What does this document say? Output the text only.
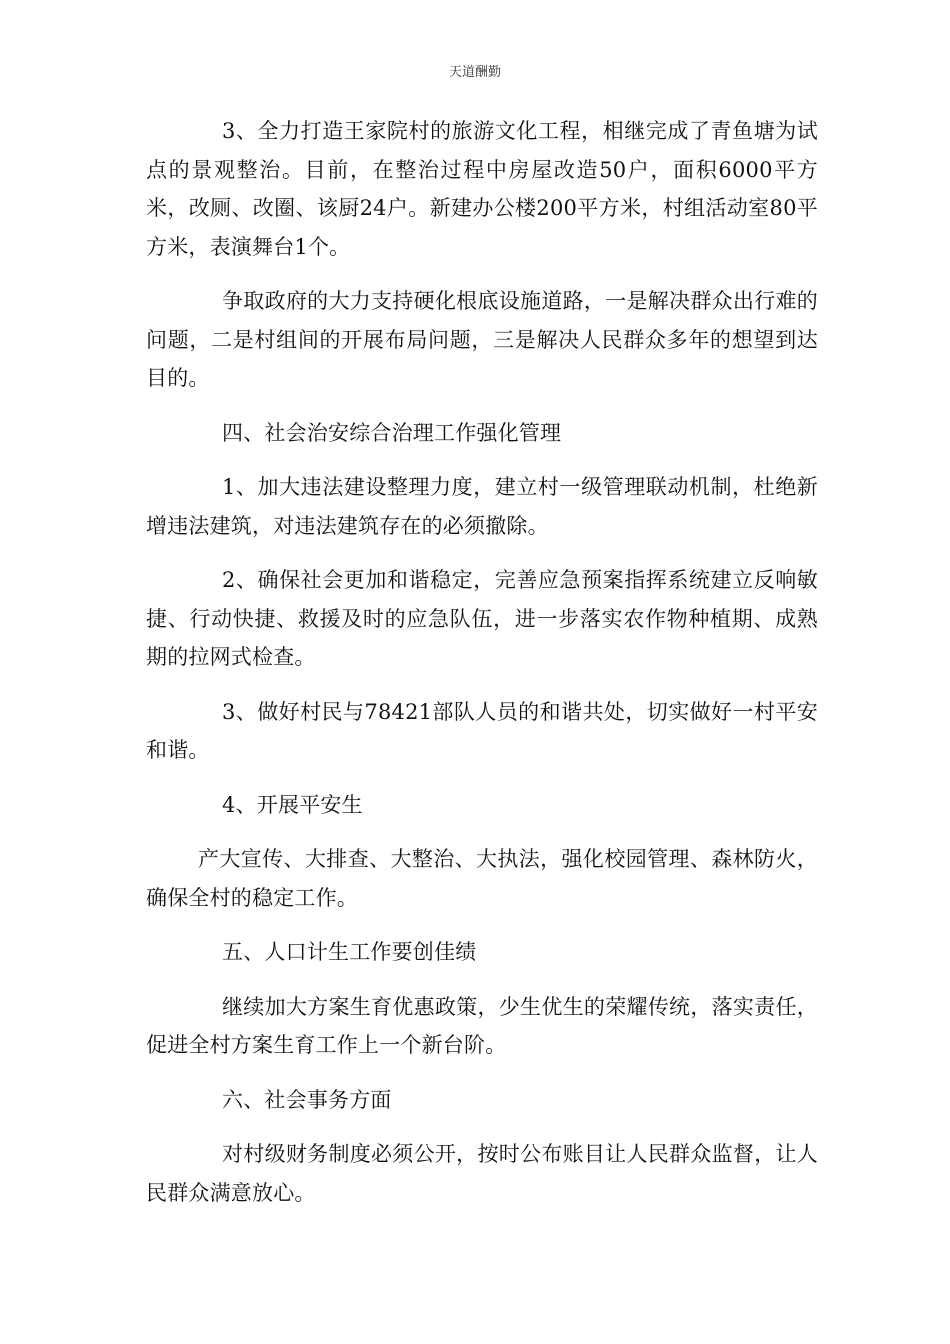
天道酬勤

3、全力打造王家院村的旅游文化工程，相继完成了青鱼塘为试点的景观整治。目前，在整治过程中房屋改造50户，面积6000平方米，改厕、改圈、该厨24户。新建办公楼200平方米，村组活动室80平方米，表演舞台1个。

争取政府的大力支持硬化根底设施道路，一是解决群众出行难的问题，二是村组间的开展布局问题，三是解决人民群众多年的想望到达目的。

四、社会治安综合治理工作强化管理

1、加大违法建设整理力度，建立村一级管理联动机制，杜绝新增违法建筑，对违法建筑存在的必须撤除。

2、确保社会更加和谐稳定，完善应急预案指挥系统建立反响敏捷、行动快捷、救援及时的应急队伍，进一步落实农作物种植期、成熟期的拉网式检查。

3、做好村民与78421部队人员的和谐共处，切实做好一村平安和谐。

4、开展平安生

产大宣传、大排查、大整治、大执法，强化校园管理、森林防火，确保全村的稳定工作。

五、人口计生工作要创佳绩

继续加大方案生育优惠政策，少生优生的荣耀传统，落实责任，促进全村方案生育工作上一个新台阶。

六、社会事务方面

对村级财务制度必须公开，按时公布账目让人民群众监督，让人民群众满意放心。
